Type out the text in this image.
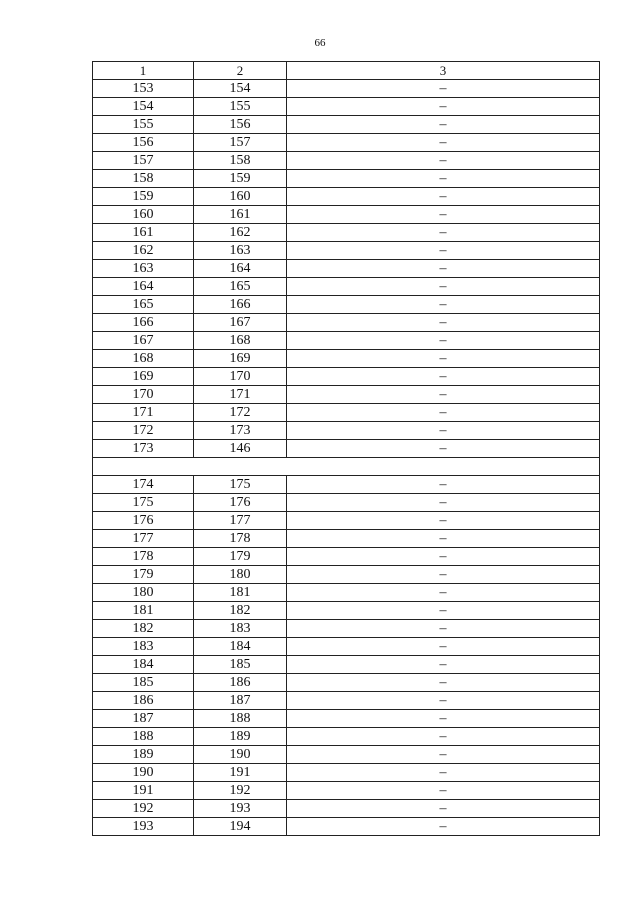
66
1	2	3
153	154	–
154	155	–
155	156	–
156	157	–
157	158	–
158	159	–
159	160	–
160	161	–
161	162	–
162	163	–
163	164	–
164	165	–
165	166	–
166	167	–
167	168	–
168	169	–
169	170	–
170	171	–
171	172	–
172	173	–
173	146	–

174	175	–
175	176	–
176	177	–
177	178	–
178	179	–
179	180	–
180	181	–
181	182	–
182	183	–
183	184	–
184	185	–
185	186	–
186	187	–
187	188	–
188	189	–
189	190	–
190	191	–
191	192	–
192	193	–
193	194	–
